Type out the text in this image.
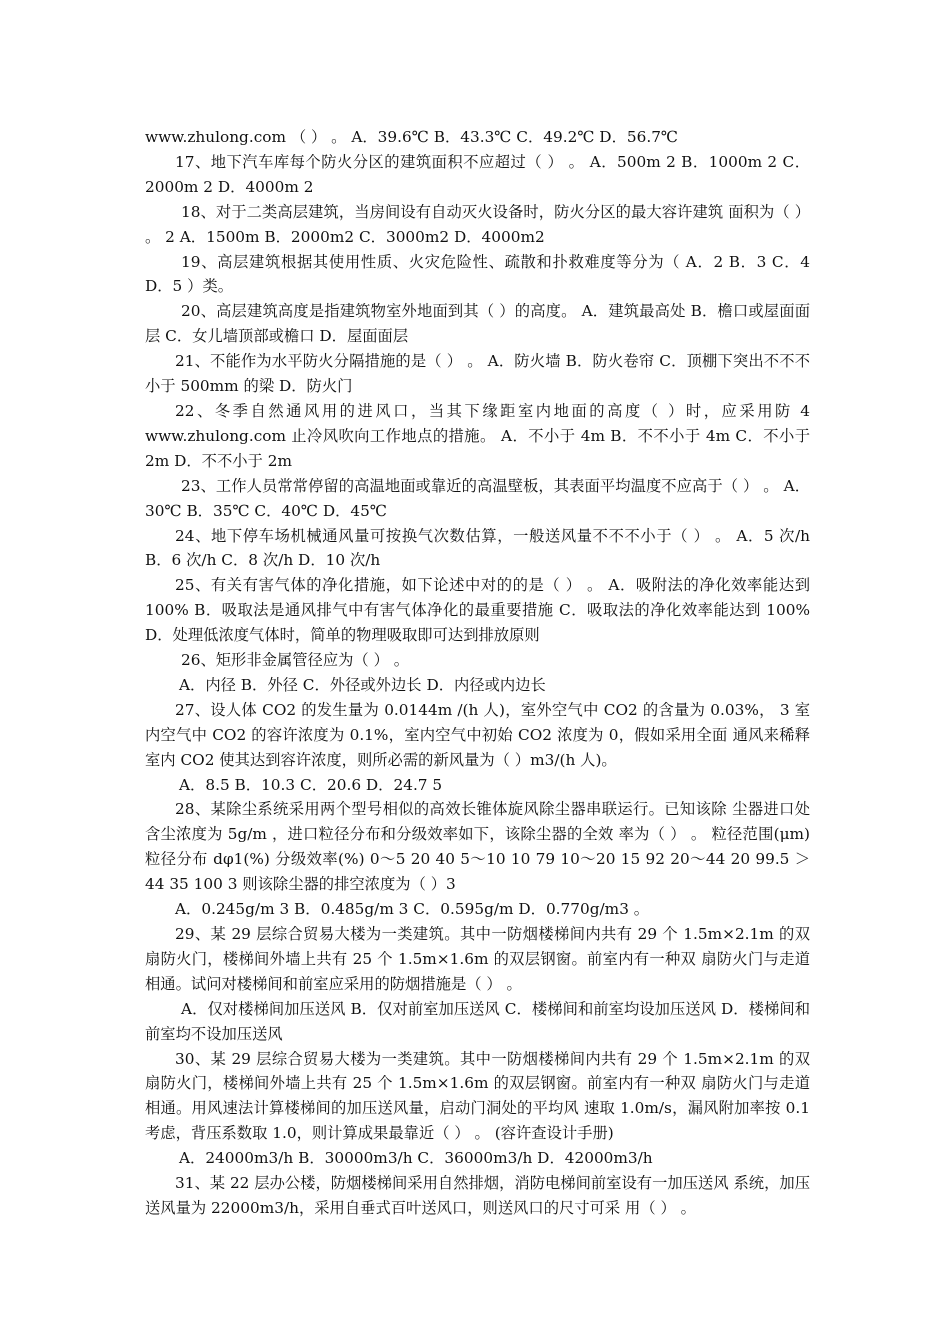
www.zhulong.com （ ） 。 A．39.6℃ B．43.3℃ C．49.2℃ D．56.7℃

17、地下汽车库每个防火分区的建筑面积不应超过（ ） 。 A．500m 2 B．1000m 2 C．2000m 2 D．4000m 2

18、对于二类高层建筑，当房间设有自动灭火设备时，防火分区的最大容许建筑 面积为（ ） 。 2 A．1500m B．2000m2 C．3000m2 D．4000m2

19、高层建筑根据其使用性质、火灾危险性、疏散和扑救难度等分为（ A．2 B．3 C．4 D．5 ）类。

20、高层建筑高度是指建筑物室外地面到其（ ）的高度。 A．建筑最高处 B．檐口或屋面面层 C．女儿墙顶部或檐口 D．屋面面层

21、不能作为水平防火分隔措施的是（ ） 。 A．防火墙 B．防火卷帘 C．顶棚下突出不不不小于 500mm 的梁 D．防火门

22、冬季自然通风用的进风口，当其下缘距室内地面的高度（ ）时，应采用防 4 www.zhulong.com 止冷风吹向工作地点的措施。 A．不小于 4m B．不不小于 4m C．不小于 2m D．不不小于 2m

23、工作人员常常停留的高温地面或靠近的高温壁板，其表面平均温度不应高于（ ） 。 A．30℃ B．35℃ C．40℃ D．45℃

24、地下停车场机械通风量可按换气次数估算，一般送风量不不不小于（ ） 。 A．5 次/h B．6 次/h C．8 次/h D．10 次/h

25、有关有害气体的净化措施，如下论述中对的的是（ ） 。 A．吸附法的净化效率能达到 100% B．吸取法是通风排气中有害气体净化的最重要措施 C．吸取法的净化效率能达到 100% D．处理低浓度气体时，简单的物理吸取即可达到排放原则

26、矩形非金属管径应为（ ） 。

A．内径 B．外径 C．外径或外边长 D．内径或内边长

27、设人体 CO2 的发生量为 0.0144m /(h 人)，室外空气中 CO2 的含量为 0.03%， 3 室内空气中 CO2 的容许浓度为 0.1%，室内空气中初始 CO2 浓度为 0，假如采用全面 通风来稀释室内 CO2 使其达到容许浓度，则所必需的新风量为（ ）m3/(h 人)。

A．8.5 B．10.3 C．20.6 D．24.7 5

28、某除尘系统采用两个型号相似的高效长锥体旋风除尘器串联运行。已知该除 尘器进口处含尘浓度为 5g/m ，进口粒径分布和分级效率如下，该除尘器的全效 率为（ ） 。 粒径范围(μm) 粒径分布 dφ1(%) 分级效率(%) 0～5 20 40 5～10 10 79 10～20 15 92 20～44 20 99.5 ＞44 35 100 3 则该除尘器的排空浓度为（ ）3

A．0.245g/m 3 B．0.485g/m 3 C．0.595g/m D．0.770g/m3 。

29、某 29 层综合贸易大楼为一类建筑。其中一防烟楼梯间内共有 29 个 1.5m×2.1m 的双扇防火门，楼梯间外墙上共有 25 个 1.5m×1.6m 的双层钢窗。前室内有一种双 扇防火门与走道相通。试问对楼梯间和前室应采用的防烟措施是（ ） 。

A．仅对楼梯间加压送风 B．仅对前室加压送风 C．楼梯间和前室均设加压送风 D．楼梯间和前室均不设加压送风

30、某 29 层综合贸易大楼为一类建筑。其中一防烟楼梯间内共有 29 个 1.5m×2.1m 的双扇防火门，楼梯间外墙上共有 25 个 1.5m×1.6m 的双层钢窗。前室内有一种双 扇防火门与走道相通。用风速法计算楼梯间的加压送风量，启动门洞处的平均风 速取 1.0m/s，漏风附加率按 0.1 考虑，背压系数取 1.0，则计算成果最靠近（ ） 。 (容许查设计手册)

A．24000m3/h B．30000m3/h C．36000m3/h D．42000m3/h

31、某 22 层办公楼，防烟楼梯间采用自然排烟，消防电梯间前室设有一加压送风 系统，加压送风量为 22000m3/h，采用自垂式百叶送风口，则送风口的尺寸可采 用（ ） 。
